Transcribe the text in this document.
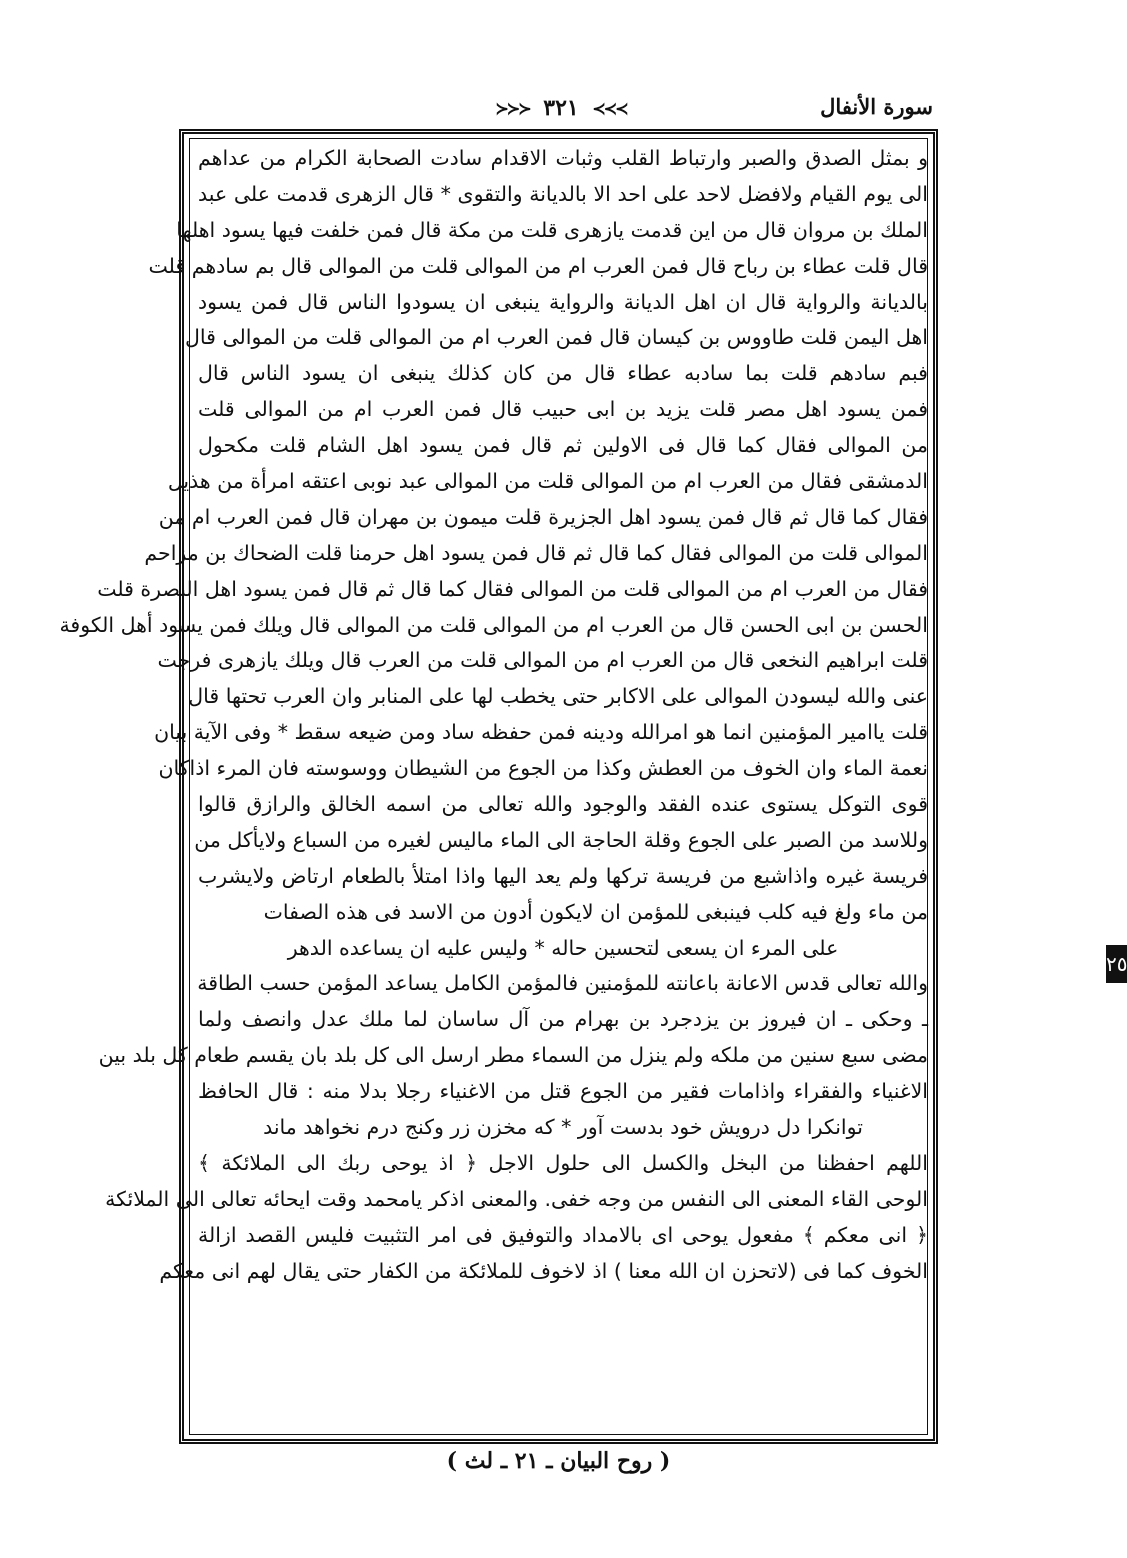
سورة الأنفال
≻≻≻ ٣٢١ ≺≺≺
و بمثل الصدق والصبر وارتباط القلب وثبات الاقدام سادت الصحابة الكرام من عداهم
الى يوم القيام ولافضل لاحد على احد الا بالديانة والتقوى * قال الزهرى قدمت على عبد
الملك بن مروان قال من اين قدمت يازهرى قلت من مكة قال فمن خلفت فيها يسود اهلها
قال قلت عطاء بن رباح قال فمن العرب ام من الموالى قلت من الموالى قال بم سادهم قلت
بالديانة والرواية قال ان اهل الديانة والرواية ينبغى ان يسودوا الناس قال فمن يسود
اهل اليمن قلت طاووس بن كيسان قال فمن العرب ام من الموالى قلت من الموالى قال
فبم سادهم قلت بما سادبه عطاء قال من كان كذلك ينبغى ان يسود الناس قال
فمن يسود اهل مصر قلت يزيد بن ابى حبيب قال فمن العرب ام من الموالى قلت
من الموالى فقال كما قال فى الاولين ثم قال فمن يسود اهل الشام قلت مكحول
الدمشقى فقال من العرب ام من الموالى قلت من الموالى عبد نوبى اعتقه امرأة من هذيل
فقال كما قال ثم قال فمن يسود اهل الجزيرة قلت ميمون بن مهران قال فمن العرب ام من
الموالى قلت من الموالى فقال كما قال ثم قال فمن يسود اهل حرمنا قلت الضحاك بن مزاحم
فقال من العرب ام من الموالى قلت من الموالى فقال كما قال ثم قال فمن يسود اهل البصرة قلت
الحسن بن ابى الحسن قال من العرب ام من الموالى قلت من الموالى قال ويلك فمن يسود أهل الكوفة
قلت ابراهيم النخعى قال من العرب ام من الموالى قلت من العرب قال ويلك يازهرى فرجت
عنى والله ليسودن الموالى على الاكابر حتى يخطب لها على المنابر وان العرب تحتها قال
قلت ياامير المؤمنين انما هو امرالله ودينه فمن حفظه ساد ومن ضيعه سقط * وفى الآية بيان
نعمة الماء وان الخوف من العطش وكذا من الجوع من الشيطان ووسوسته فان المرء اذاكان
قوى التوكل يستوى عنده الفقد والوجود والله تعالى من اسمه الخالق والرازق قالوا
وللاسد من الصبر على الجوع وقلة الحاجة الى الماء ماليس لغيره من السباع ولايأكل من
فريسة غيره واذاشبع من فريسة تركها ولم يعد اليها واذا امتلأ بالطعام ارتاض ولايشرب
من ماء ولغ فيه كلب فينبغى للمؤمن ان لايكون أدون من الاسد فى هذه الصفات
على المرء ان يسعى لتحسين حاله * وليس عليه ان يساعده الدهر
والله تعالى قدس الاعانة باعانته للمؤمنين فالمؤمن الكامل يساعد المؤمن حسب الطاقة
ـ وحكى ـ ان فيروز بن يزدجرد بن بهرام من آل ساسان لما ملك عدل وانصف ولما
مضى سبع سنين من ملكه ولم ينزل من السماء مطر ارسل الى كل بلد بان يقسم طعام كل بلد بين
الاغنياء والفقراء واذامات فقير من الجوع قتل من الاغنياء رجلا بدلا منه : قال الحافظ
توانكرا دل درويش خود بدست آور * كه مخزن زر وكنج درم نخواهد ماند
اللهم احفظنا من البخل والكسل الى حلول الاجل ﴿ اذ يوحى ربك الى الملائكة ﴾
الوحى القاء المعنى الى النفس من وجه خفى. والمعنى اذكر يامحمد وقت ايحائه تعالى الى الملائكة
﴿ انى معكم ﴾ مفعول يوحى اى بالامداد والتوفيق فى امر التثبيت فليس القصد ازالة
الخوف كما فى (لاتحزن ان الله معنا ) اذ لاخوف للملائكة من الكفار حتى يقال لهم انى معكم
( روح البيان ـ ٢١ ـ لث )
٢٥
